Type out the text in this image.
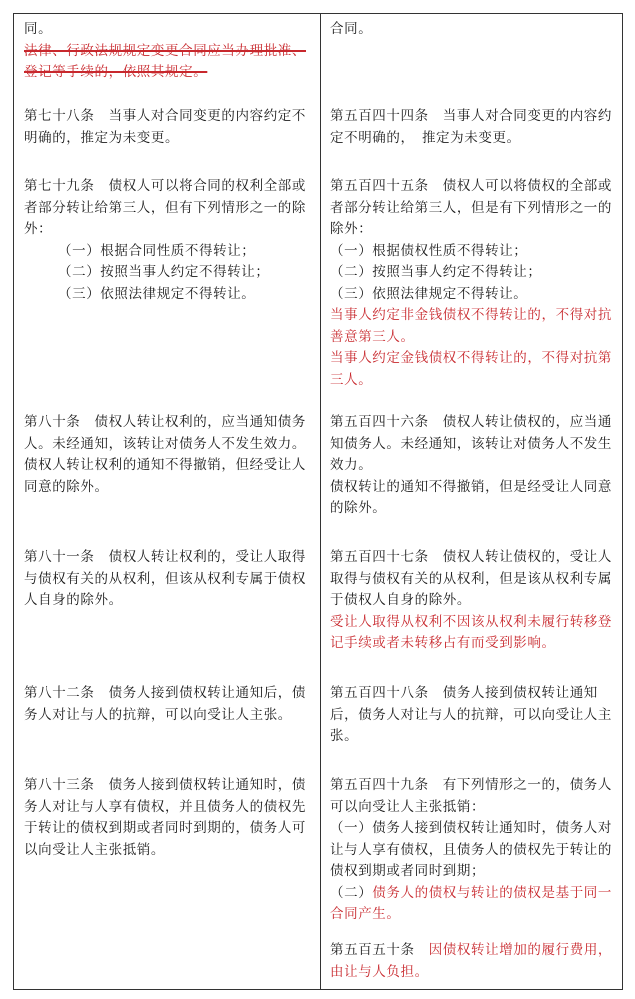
同。

法律、行政法规规定变更合同应当办理批准、登记等手续的，依照其规定。

第七十八条　当事人对合同变更的内容约定不明确的，推定为未变更。

第七十九条　债权人可以将合同的权利全部或者部分转让给第三人，但有下列情形之一的除外：

（一）根据合同性质不得转让；

（二）按照当事人约定不得转让；

（三）依照法律规定不得转让。

第八十条　债权人转让权利的，应当通知债务人。未经通知，该转让对债务人不发生效力。

债权人转让权利的通知不得撤销，但经受让人同意的除外。

第八十一条　债权人转让权利的，受让人取得与债权有关的从权利，但该从权利专属于债权人自身的除外。
第八十二条　债务人接到债权转让通知后，债务人对让与人的抗辩，可以向受让人主张。
第八十三条　债务人接到债权转让通知时，债务人对让与人享有债权，并且债务人的债权先于转让的债权到期或者同时到期的，债务人可以向受让人主张抵销。
合同。
第五百四十四条　当事人对合同变更的内容约定不明确的，　推定为未变更。

第五百四十五条　债权人可以将债权的全部或者部分转让给第三人，但是有下列情形之一的除外：

（一）根据债权性质不得转让；

（二）按照当事人约定不得转让；

（三）依照法律规定不得转让。

当事人约定非金钱债权不得转让的，不得对抗善意第三人。

当事人约定金钱债权不得转让的，不得对抗第三人。

第五百四十六条　债权人转让债权的，应当通知债务人。未经通知，该转让对债务人不发生效力。

债权转让的通知不得撤销，但是经受让人同意的除外。

第五百四十七条　债权人转让债权的，受让人取得与债权有关的从权利，但是该从权利专属于债权人自身的除外。

受让人取得从权利不因该从权利未履行转移登记手续或者未转移占有而受到影响。

第五百四十八条　债务人接到债权转让通知后，债务人对让与人的抗辩，可以向受让人主张。

第五百四十九条　有下列情形之一的，债务人可以向受让人主张抵销：

（一）债务人接到债权转让通知时，债务人对让与人享有债权，且债务人的债权先于转让的债权到期或者同时到期；

（二）债务人的债权与转让的债权是基于同一合同产生。

第五百五十条　 因债权转让增加的履行费用，由让与人负担。
